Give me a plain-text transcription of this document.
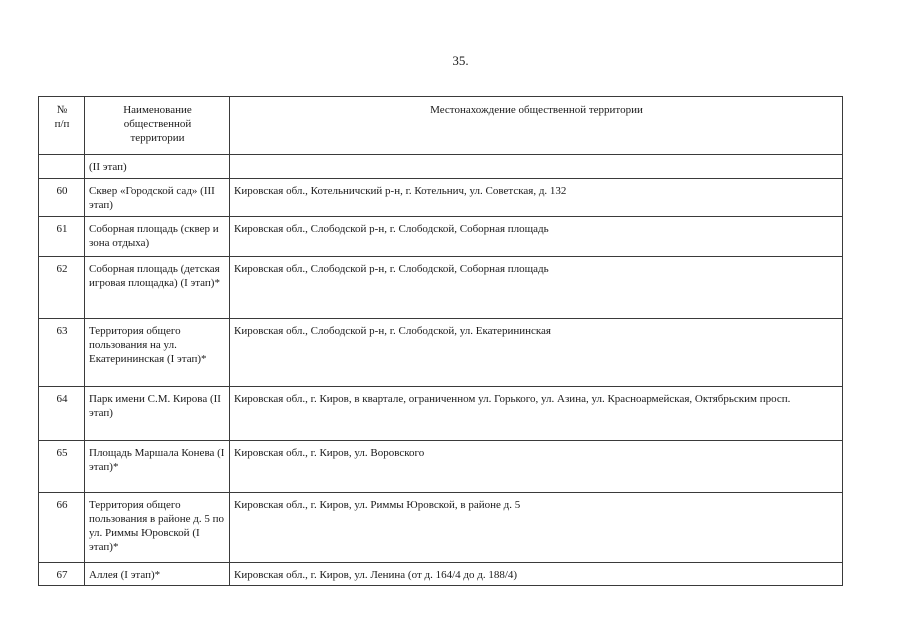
35.
№ п/п	Наименование общественной территории	Местонахождение общественной территории
	(II этап)	
60	Сквер «Городской сад» (III этап)	Кировская обл., Котельничский р-н, г. Котельнич, ул. Советская, д. 132
61	Соборная площадь (сквер и зона отдыха)	Кировская обл., Слободской р-н, г. Слободской, Соборная площадь
62	Соборная площадь (детская игровая площадка) (I этап)*	Кировская обл., Слободской р-н, г. Слободской, Соборная площадь
63	Территория общего пользования на ул. Екатерининская (I этап)*	Кировская обл., Слободской р-н, г. Слободской, ул. Екатерининская
64	Парк имени С.М. Кирова (II этап)	Кировская обл., г. Киров, в квартале, ограниченном ул. Горького, ул. Азина, ул. Красноармейская, Октябрьским просп.
65	Площадь Маршала Конева (I этап)*	Кировская обл., г. Киров, ул. Воровского
66	Территория общего пользования в районе д. 5 по ул. Риммы Юровской (I этап)*	Кировская обл., г. Киров, ул. Риммы Юровской, в районе д. 5
67	Аллея (I этап)*	Кировская обл., г. Киров, ул. Ленина (от д. 164/4 до д. 188/4)
